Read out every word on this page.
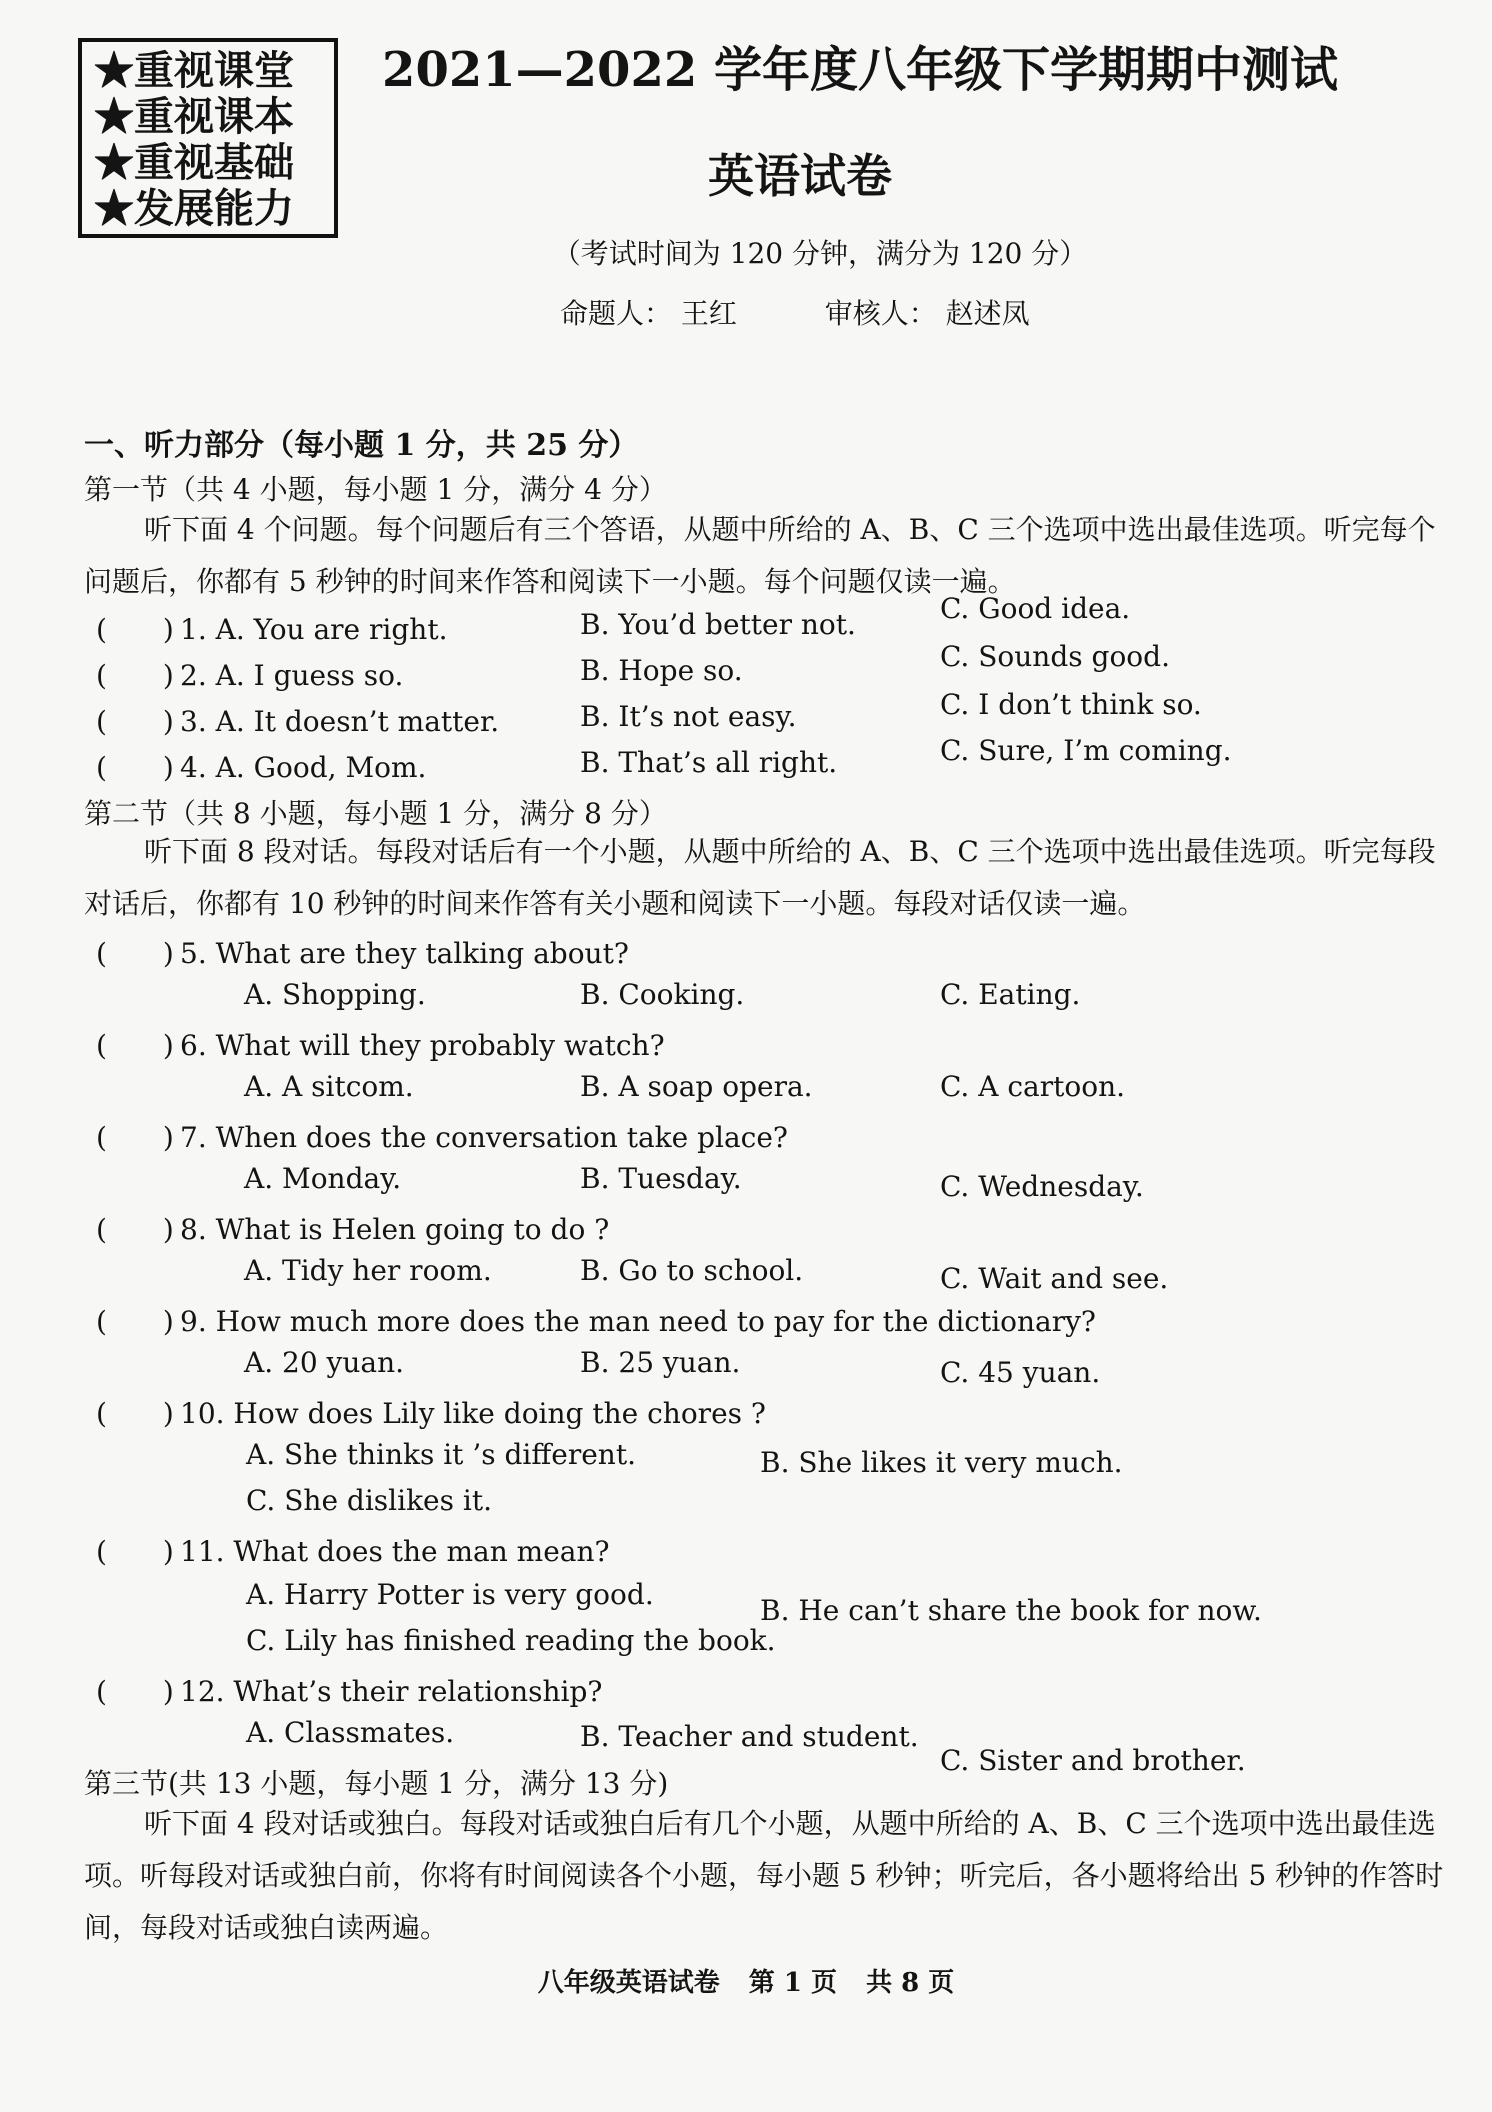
★重视课堂
★重视课本
★重视基础
★发展能力
2021—2022 学年度八年级下学期期中测试
英语试卷
（考试时间为 120 分钟，满分为 120 分）
命题人： 王红	审核人： 赵述凤
一、听力部分（每小题 1 分，共 25 分）
第一节（共 4 小题，每小题 1 分，满分 4 分）
听下面 4 个问题。每个问题后有三个答语，从题中所给的 A、B、C 三个选项中选出最佳选项。听完每个问题后，你都有 5 秒钟的时间来作答和阅读下一小题。每个问题仅读一遍。
(　　) 1. A. You are right.	B. You’d better not.	C. Good idea.
(　　) 2. A. I guess so.	B. Hope so.	C. Sounds good.
(　　) 3. A. It doesn’t matter.	B. It’s not easy.	C. I don’t think so.
(　　) 4. A. Good, Mom.	B. That’s all right.	C. Sure, I’m coming.
第二节（共 8 小题，每小题 1 分，满分 8 分）
听下面 8 段对话。每段对话后有一个小题，从题中所给的 A、B、C 三个选项中选出最佳选项。听完每段对话后，你都有 10 秒钟的时间来作答有关小题和阅读下一小题。每段对话仅读一遍。
(　　) 5. What are they talking about?
A. Shopping.	B. Cooking.	C. Eating.
(　　) 6. What will they probably watch?
A. A sitcom.	B. A soap opera.	C. A cartoon.
(　　) 7. When does the conversation take place?
A. Monday.	B. Tuesday.	C. Wednesday.
(　　) 8. What is Helen going to do ?
A. Tidy her room.	B. Go to school.	C. Wait and see.
(　　) 9. How much more does the man need to pay for the dictionary?
A. 20 yuan.	B. 25 yuan.	C. 45 yuan.
(　　) 10. How does Lily like doing the chores ?
A. She thinks it ’s different.	B. She likes it very much.
C. She dislikes it.
(　　) 11. What does the man mean?
A. Harry Potter is very good.	B. He can’t share the book for now.
C. Lily has finished reading the book.
(　　) 12. What’s their relationship?
A. Classmates.	B. Teacher and student.
C. Sister and brother.
第三节(共 13 小题，每小题 1 分，满分 13 分)
听下面 4 段对话或独白。每段对话或独白后有几个小题，从题中所给的 A、B、C 三个选项中选出最佳选项。听每段对话或独白前，你将有时间阅读各个小题，每小题 5 秒钟；听完后，各小题将给出 5 秒钟的作答时间，每段对话或独白读两遍。
八年级英语试卷 第 1 页 共 8 页
